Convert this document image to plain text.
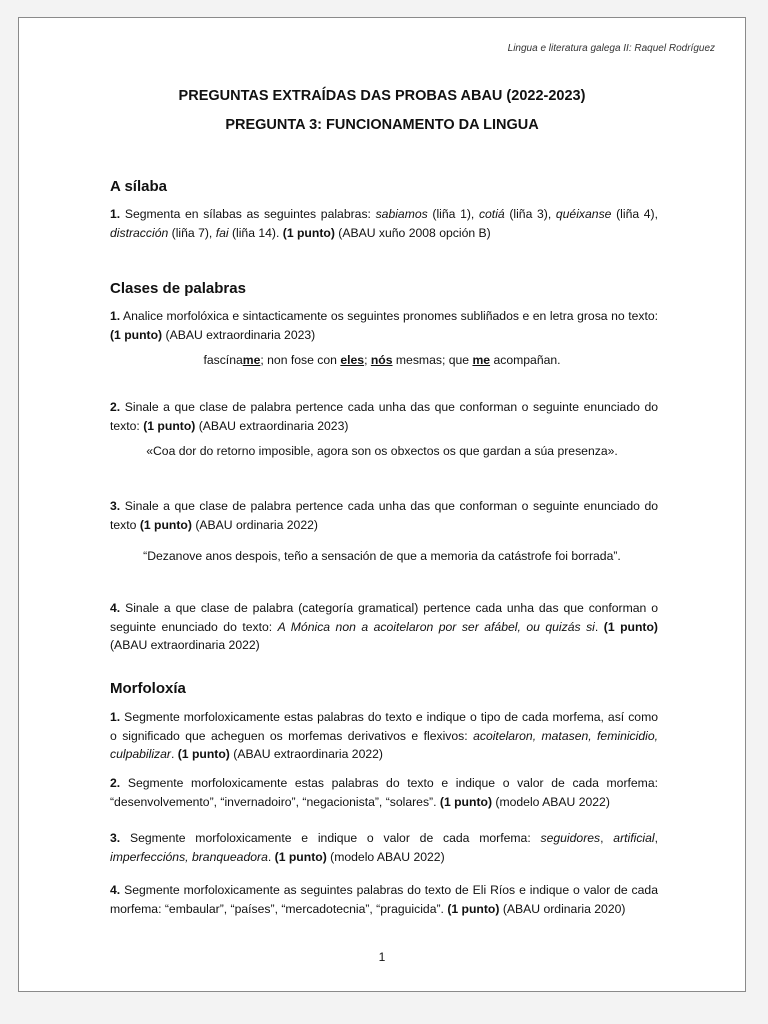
Lingua e literatura galega II: Raquel Rodríguez
PREGUNTAS EXTRAÍDAS DAS PROBAS ABAU (2022-2023)
PREGUNTA 3: FUNCIONAMENTO DA LINGUA
A sílaba
1. Segmenta en sílabas as seguintes palabras: sabiamos (liña 1), cotiá (liña 3), quéixanse (liña 4), distracción (liña 7), fai (liña 14). (1 punto) (ABAU xuño 2008 opción B)
Clases de palabras
1. Analice morfolóxica e sintacticamente os seguintes pronomes subliñados e en letra grosa no texto: (1 punto) (ABAU extraordinaria 2023)
fascíname; non fose con eles; nós mesmas; que me acompañan.
2. Sinale a que clase de palabra pertence cada unha das que conforman o seguinte enunciado do texto: (1 punto) (ABAU extraordinaria 2023)
«Coa dor do retorno imposible, agora son os obxectos os que gardan a súa presenza».
3. Sinale a que clase de palabra pertence cada unha das que conforman o seguinte enunciado do texto (1 punto) (ABAU ordinaria 2022)
“Dezanove anos despois, teño a sensación de que a memoria da catástrofe foi borrada”.
4. Sinale a que clase de palabra (categoría gramatical) pertence cada unha das que conforman o seguinte enunciado do texto: A Mónica non a acoitelaron por ser afábel, ou quizás si. (1 punto) (ABAU extraordinaria 2022)
Morfoloxía
1. Segmente morfoloxicamente estas palabras do texto e indique o tipo de cada morfema, así como o significado que acheguen os morfemas derivativos e flexivos: acoitelaron, matasen, feminicidio, culpabilizar. (1 punto) (ABAU extraordinaria 2022)
2. Segmente morfoloxicamente estas palabras do texto e indique o valor de cada morfema: “desenvolvemento”, “invernadoiro”, “negacionista”, “solares”. (1 punto) (modelo ABAU 2022)
3. Segmente morfoloxicamente e indique o valor de cada morfema: seguidores, artificial, imperfeccións, branqueadora. (1 punto) (modelo ABAU 2022)
4. Segmente morfoloxicamente as seguintes palabras do texto de Eli Ríos e indique o valor de cada morfema: “embaular”, “países”, “mercadotecnia”, “praguicida”. (1 punto) (ABAU ordinaria 2020)
1
